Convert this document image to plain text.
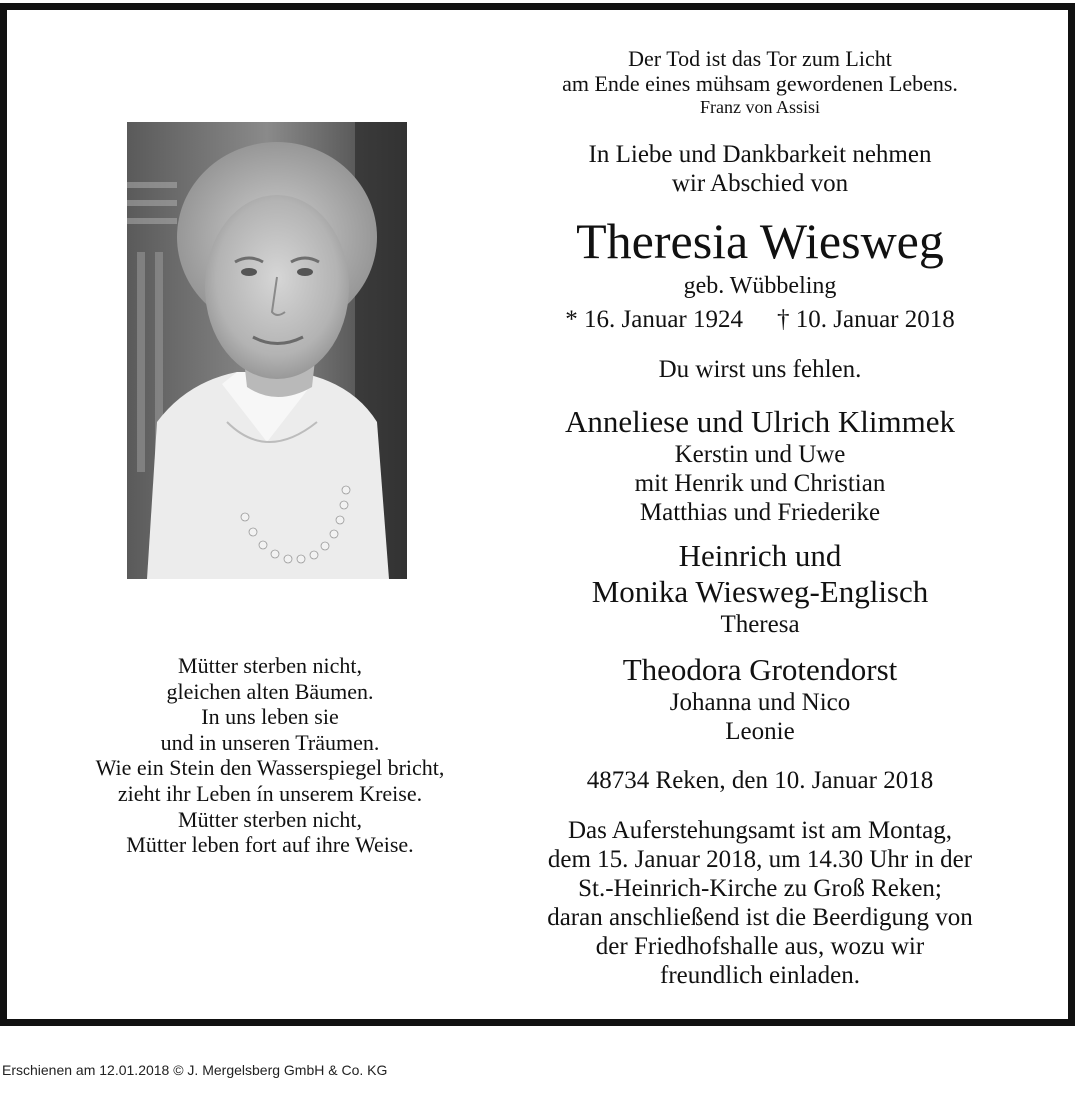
Mütter sterben nicht,
gleichen alten Bäumen.
In uns leben sie
und in unseren Träumen.
Wie ein Stein den Wasserspiegel bricht,
zieht ihr Leben ín unserem Kreise.
Mütter sterben nicht,
Mütter leben fort auf ihre Weise.
Der Tod ist das Tor zum Licht
am Ende eines mühsam gewordenen Lebens.
Franz von Assisi
In Liebe und Dankbarkeit nehmen
wir Abschied von
Theresia Wiesweg
geb. Wübbeling
* 16. Januar 1924 † 10. Januar 2018
Du wirst uns fehlen.
Anneliese und Ulrich Klimmek
Kerstin und Uwe
mit Henrik und Christian
Matthias und Friederike
Heinrich und
Monika Wiesweg-Englisch
Theresa
Theodora Grotendorst
Johanna und Nico
Leonie
48734 Reken, den 10. Januar 2018
Das Auferstehungsamt ist am Montag,
dem 15. Januar 2018, um 14.30 Uhr in der
St.-Heinrich-Kirche zu Groß Reken;
daran anschließend ist die Beerdigung von
der Friedhofshalle aus, wozu wir
freundlich einladen.
Erschienen am 12.01.2018 © J. Mergelsberg GmbH & Co. KG
